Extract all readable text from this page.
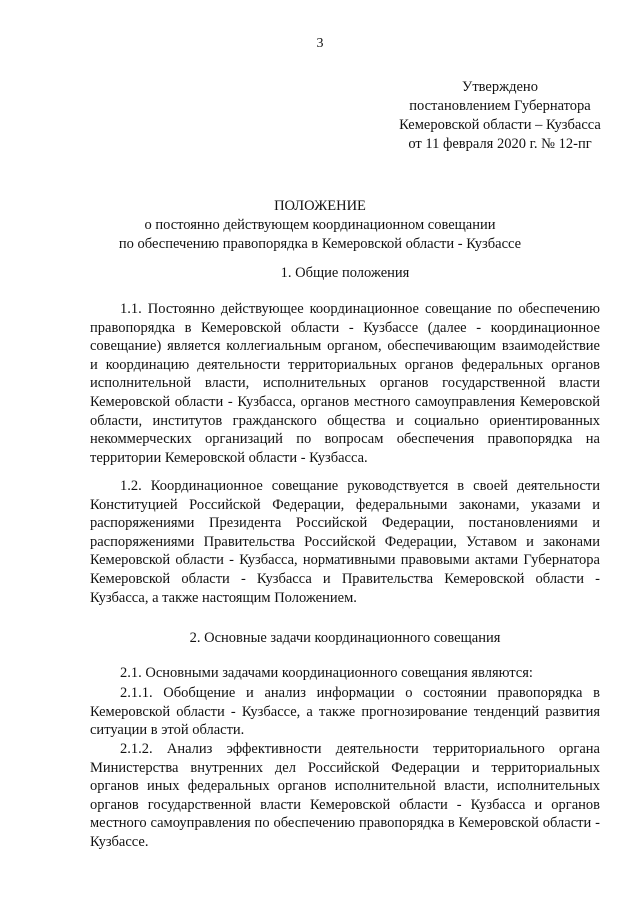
3
Утверждено
постановлением Губернатора
Кемеровской области – Кузбасса
от 11 февраля 2020 г. № 12-пг
ПОЛОЖЕНИЕ
о постоянно действующем координационном совещании
по обеспечению правопорядка в Кемеровской области - Кузбассе
1. Общие положения
1.1. Постоянно действующее координационное совещание по обеспечению правопорядка в Кемеровской области - Кузбассе (далее - координационное совещание) является коллегиальным органом, обеспечивающим взаимодействие и координацию деятельности территориальных органов федеральных органов исполнительной власти, исполнительных органов государственной власти Кемеровской области - Кузбасса, органов местного самоуправления Кемеровской области, институтов гражданского общества и социально ориентированных некоммерческих организаций по вопросам обеспечения правопорядка на территории Кемеровской области - Кузбасса.
1.2. Координационное совещание руководствуется в своей деятельности Конституцией Российской Федерации, федеральными законами, указами и распоряжениями Президента Российской Федерации, постановлениями и распоряжениями Правительства Российской Федерации, Уставом и законами Кемеровской области - Кузбасса, нормативными правовыми актами Губернатора Кемеровской области - Кузбасса и Правительства Кемеровской области - Кузбасса, а также настоящим Положением.
2. Основные задачи координационного совещания
2.1. Основными задачами координационного совещания являются:
2.1.1. Обобщение и анализ информации о состоянии правопорядка в Кемеровской области - Кузбассе, а также прогнозирование тенденций развития ситуации в этой области.
2.1.2. Анализ эффективности деятельности территориального органа Министерства внутренних дел Российской Федерации и территориальных органов иных федеральных органов исполнительной власти, исполнительных органов государственной власти Кемеровской области - Кузбасса и органов местного самоуправления по обеспечению правопорядка в Кемеровской области - Кузбассе.
